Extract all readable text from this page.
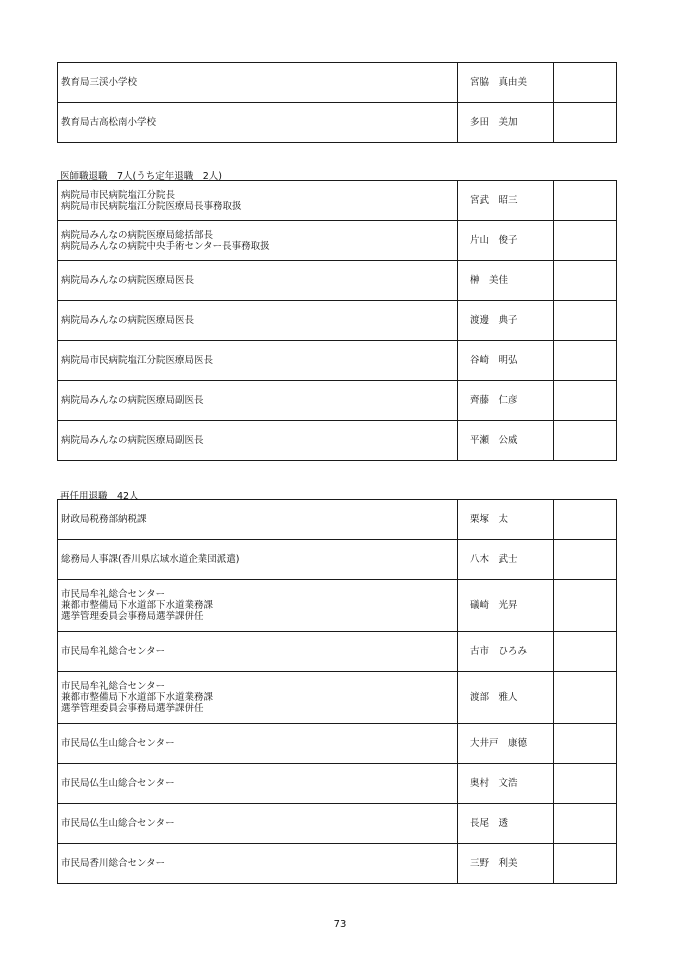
教育局三渓小学校	宮脇　真由美	

教育局古高松南小学校	多田　美加	
医師職退職　7人(うち定年退職　2人)
病院局市民病院塩江分院長
病院局市民病院塩江分院医療局長事務取扱	宮武　昭三	

病院局みんなの病院医療局総括部長
病院局みんなの病院中央手術センター長事務取扱	片山　俊子	

病院局みんなの病院医療局医長	榊　美佳	

病院局みんなの病院医療局医長	渡邊　典子	

病院局市民病院塩江分院医療局医長	谷崎　明弘	

病院局みんなの病院医療局副医長	齊藤　仁彦	

病院局みんなの病院医療局副医長	平瀬　公威	
再任用退職　42人
財政局税務部納税課	栗塚　太	

総務局人事課(香川県広域水道企業団派遣)	八木　武士	

市民局牟礼総合センター
兼都市整備局下水道部下水道業務課
選挙管理委員会事務局選挙課併任	礒崎　光昇	

市民局牟礼総合センター	古市　ひろみ	

市民局牟礼総合センター
兼都市整備局下水道部下水道業務課
選挙管理委員会事務局選挙課併任	渡部　雅人	

市民局仏生山総合センター	大井戸　康德	

市民局仏生山総合センター	奥村　文浩	

市民局仏生山総合センター	長尾　透	

市民局香川総合センター	三野　利美	
73
